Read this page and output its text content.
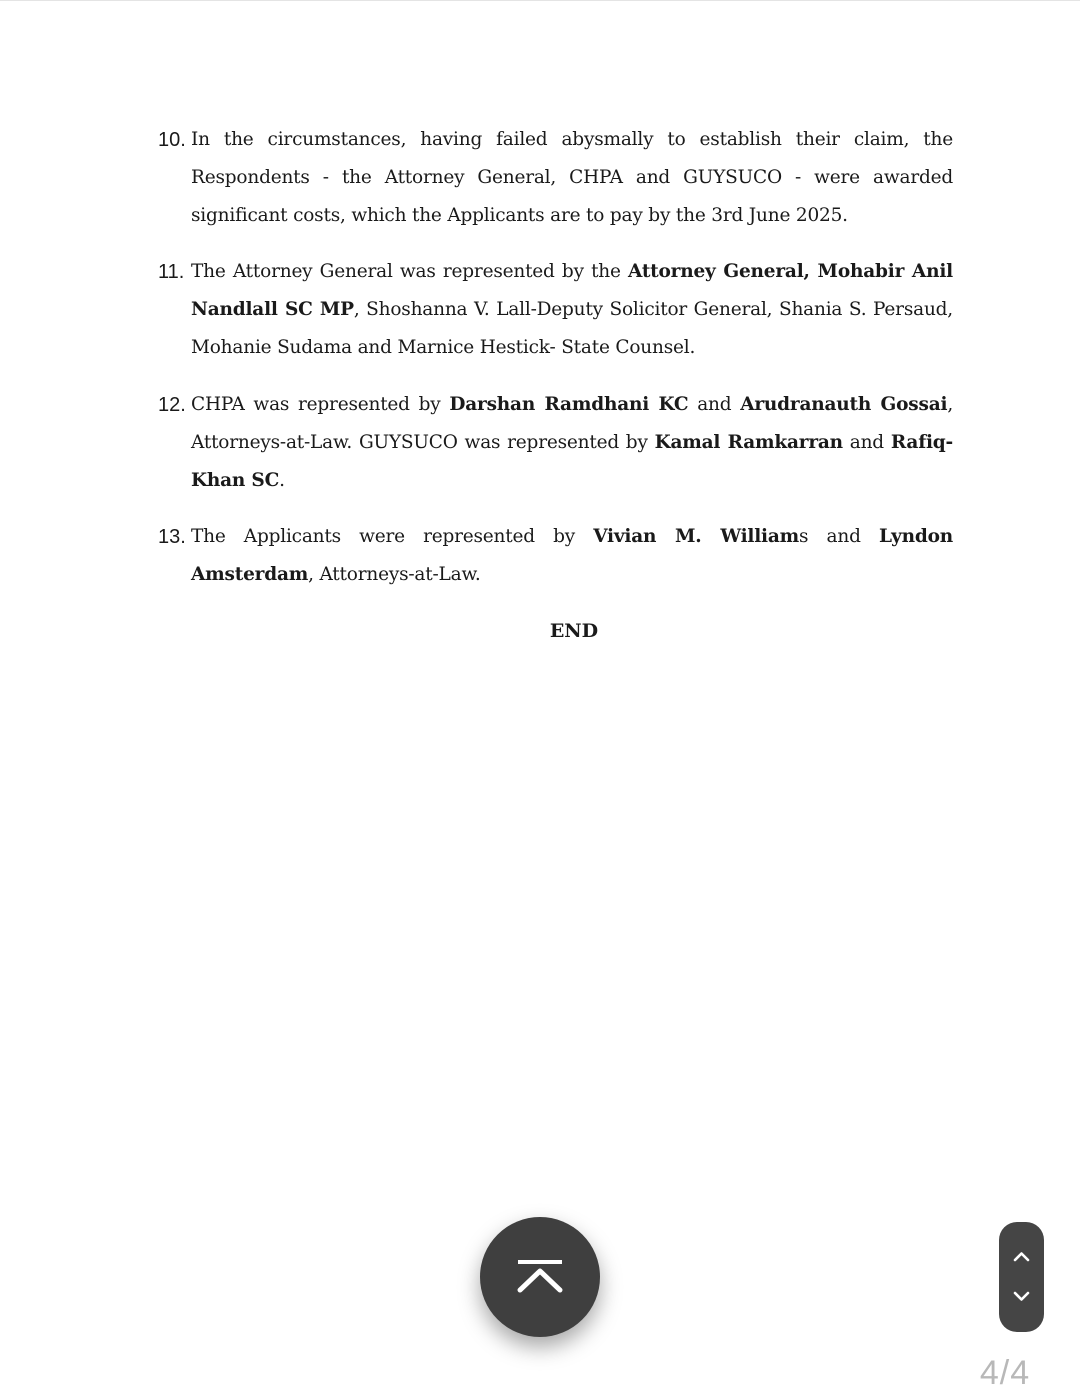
10. In the circumstances, having failed abysmally to establish their claim, the Respondents - the Attorney General, CHPA and GUYSUCO - were awarded significant costs, which the Applicants are to pay by the 3rd June 2025.
11. The Attorney General was represented by the Attorney General, Mohabir Anil Nandlall SC MP, Shoshanna V. Lall-Deputy Solicitor General, Shania S. Persaud, Mohanie Sudama and Marnice Hestick- State Counsel.
12. CHPA was represented by Darshan Ramdhani KC and Arudranauth Gossai, Attorneys-at-Law. GUYSUCO was represented by Kamal Ramkarran and Rafiq-Khan SC.
13. The Applicants were represented by Vivian M. Williams and Lyndon Amsterdam, Attorneys-at-Law.
END
4/4
